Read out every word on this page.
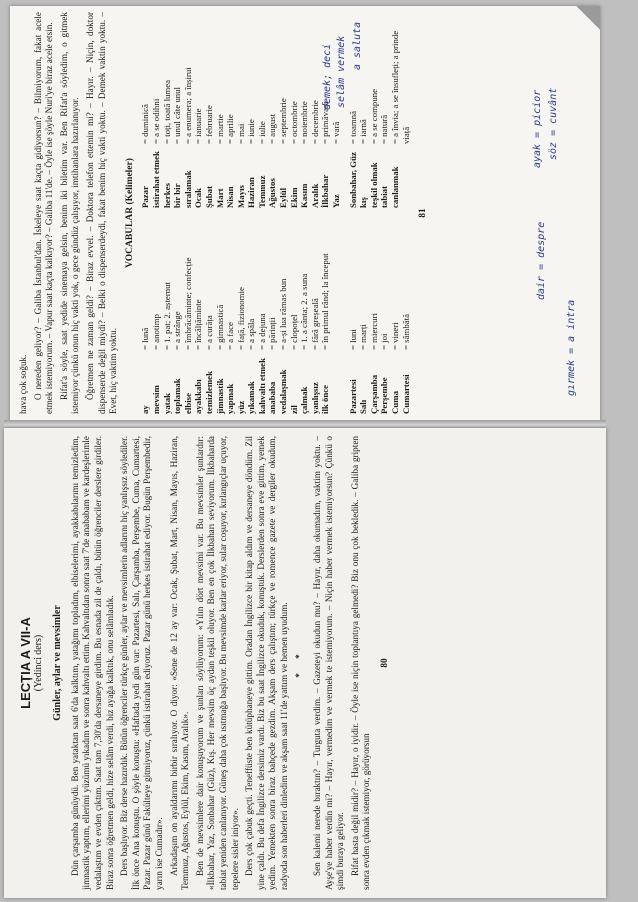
LECȚIA A VII-A (Yedinci ders) Günler, aylar ve mevsimler Dün çarşamba günüydü. Ben yataktan saat 6'da kalktım, yatağımı topladım, elbiselerimi, ayakkabılarımı temizledim, jimnastik yaptım, ellerimi yüzümü yıkadım ve sonra kahvaltı ettim. Kahvaltıdan sonra saat 7'de anababam ve kardeşlerimle vedalaştım ve evden çıktım. Saat tam 7,30'da dersaneye girdim. Bu esnada zil de çaldı, bütün öğrenciler derslere girdiler. Biraz sonra öğretmen geldi, hize selâm verdi, biz ayağa kalktık, onu selâmladık. Ders başlıyor. Biz derse hazırdık. Bütün öğrenciler türkçe günler, aylar ve mevsimlerin adlarını hiç yanlışsız söylediler. İlk önce Ana konuştu. O şöyle konuştu: «Haftada yedi gün var: Pazartesi, Salı, Çarşamba, Perşembe, Cuma, Cumartesi, Pazar. Pazar günü Fakülteye gitmiyoruz, çünkü istirahat ediyoruz. Pazar günü herkes istirahat ediyor. Bugün Perşembedir, yarın ise Cumadır». Arkadaşım on ayaldarımı birbir sıralıyor. O diyor: «Sene de 12 ay var: Ocak, Şubat, Mart, Nisan, Mayıs, Haziran, Temmuz, Ağustos, Eylül, Ekim, Kasım, Aralık». Ben de mevsimlere dair konuşuyorum ve şunları söylüyorum: «Yılın dört mevsimi var. Bu mevsimler şunlardır: «İlkbahar, Yaz, Sonbahar (Güz), Kış. Her mevsim üç aydan teşkil oluyor. Ben en çok İlkbaharı seviyorum. İlkbaharda tabiat yeniden canlanıyor. Güneş daha çok ısıtmağa başlıyor. Bu mevsimde karlar eriyor, sular coşuyor, kırlangıçlar uçuyor, tepelere sisler iniyor». Ders çok çabuk geçti. Teneffüste ben kütüphaneye gittim. Oradan İngilizce bir kitap aldım ve dersaneye döndüm. Zil yine çaldı. Bu defa İngilizce dersimiz vardı. Biz bu saat İngilizce okuduk, konuştuk. Derslerden sonra eve gittim, yemek yedim. Yemekten sonra biraz bahçede gezdim. Akşam ders çalıştım; türkçe ve romence gazete ve dergiler okudum, radyoda son haberleri dinledim ve akşam saat 11'de yattım ve hemen uyudum. * * Sen kalemi nerede bıraktın? – Turguta verdim. – Gazeteyi okudun mu? – Hayır, daha okumadım, vaktim yoktu. – Ayşe'ye haber verdin mi? – Hayır, vermedim ve vermek te istemiyorum. – Niçin haber vermek istemiyorsun? Çünkü o şimdi buraya geliyor. Rifat hasta değil midir? – Hayır, o iyidir. – Öyle ise niçin toplantıya gelmedi? Biz onu çok bekledik. – Galiba gripten sonra evden çıkmak istemiyor, görüyorsun

80

hava çok soğuk. O nereden geliyor? – Galiba İstanbul'dan. İskeleye saat kaçta gidiyorsun? – Bilmiyorum, fakat acele etmek istemiyorum. – Vapur saat kaçta kalkıyor? – Galiba 11'de. – Öyle ise şöyle Nuri'ye biraz acele etsin. Rifat'a söyle, saat yedide sinemaya gelsin, benim iki biletim var. Ben Rifat'a söyledim, o gitmek istemiyor çünkü onun hiç vakti yok, o gece gündüz çalışıyor, imtihanlara hazırlanıyor. Öğretmen ne zaman geldi? – Biraz evvel. – Doktora telefon ettemin mi? – Hayır. – Niçin, doktor dispenserde değil miydi? – Belki o dispenserdeydi, fakat benim hiç vakti yoktu. – Demek vaktin yoktu. – Evet, hiç vaktim yoktu.

VOCABULAR (Kelimeler)
ay
= lună
mevsim
= anotimp
yatak
= 1. pat; 2. așternut
toplamak
= a strânge
elbise
= îmbrăcăminte; confecție
ayakkabı
= încălțăminte
temizlemek
= a curăța
jimnastik
= gimnastică
yapmak
= a face
yüz
= față, fizionomie
yıkamak
= a spăla
kahvaltı etmek
= a dejuna
anababa
= părinții
vedalaşmak
= a-și lua rămas bun
zil
= clopoțel
çalmak
= 1. a cânta; 2. a suna
yanlışsız
= fără greșeală
ilk önce
= în primul rând; la început
Pazar
= duminică
istirahat etmek
= a se odihni
herkes
= toți, toată lumea
bir bir
= unul câte unul
sıralamak
= a enumera; a înșirui
Ocak
= ianuarie
Şubat
= februarie
Mart
= martie
Nisan
= aprilie
Mayıs
= mai
Haziran
= iunie
Temmuz
= iulie
Ağustos
= august
Eylül
= septembrie
Ekim
= octombrie
Kasım
= noiembrie
Aralık
= decembrie
İlkbahar
= primăvară
Yaz
= vară
Pazartesi
= luni
Salı
= marți
Çarşamba
= miercuri
Perşembe
= joi
Cuma
= vineri
Cumartesi
= sâmbătă
Sonbahar, Güz
= toamnă
kış
= iarnă
teşkil olmak
= a se compune
tabiat
= natură
canlanmak
= a învia; a se însufleți; a prinde viață
81
demek; deci selâm vermek a saluta
dair = despre
gırmek = a intra
söz = cuvânt
ayak = picior
